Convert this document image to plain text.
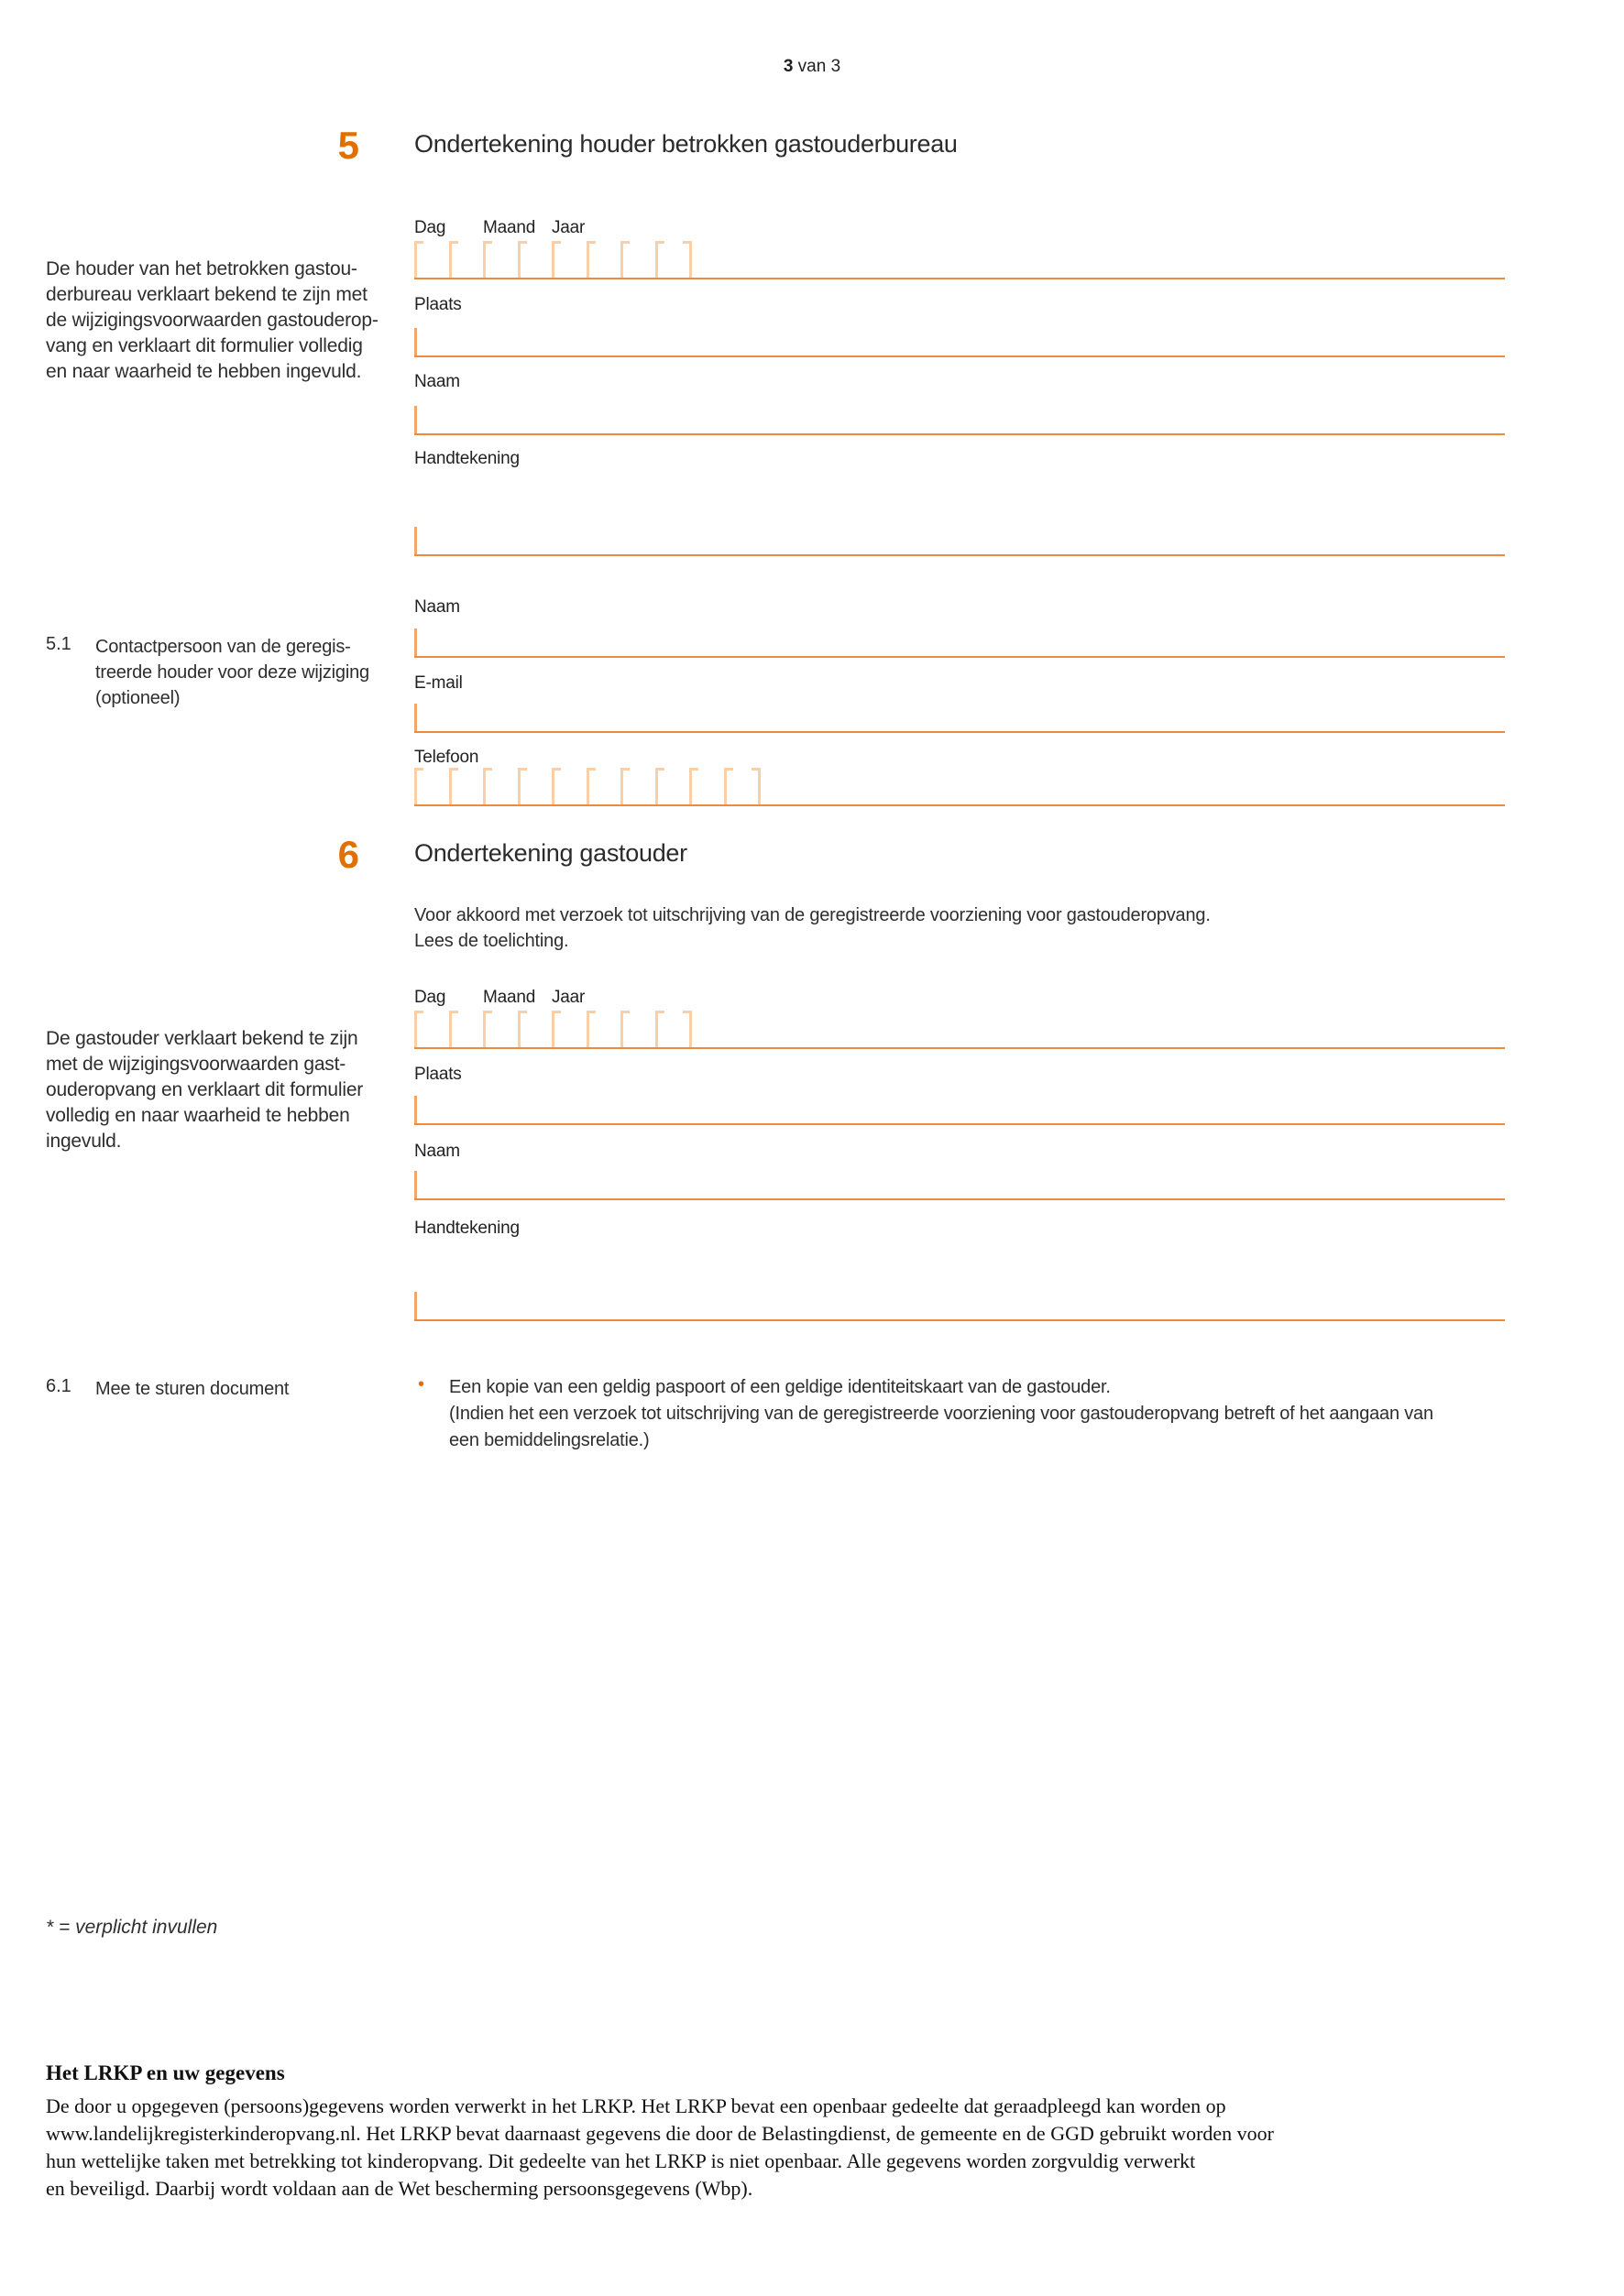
3 van 3
5 Ondertekening houder betrokken gastouderbureau
De houder van het betrokken gastou-
derbureau verklaart bekend te zijn met
de wijzigingsvoorwaarden gastouderop-
vang en verklaart dit formulier volledig
en naar waarheid te hebben ingevuld.
Dag Maand Jaar
Plaats
Naam
Handtekening
5.1 Contactpersoon van de geregis-
treerde houder voor deze wijziging
(optioneel)
Naam
E-mail
Telefoon
6 Ondertekening gastouder
Voor akkoord met verzoek tot uitschrijving van de geregistreerde voorziening voor gastouderopvang.
Lees de toelichting.
De gastouder verklaart bekend te zijn
met de wijzigingsvoorwaarden gast-
ouderopvang en verklaart dit formulier
volledig en naar waarheid te hebben
ingevuld.
Dag Maand Jaar
Plaats
Naam
Handtekening
6.1 Mee te sturen document	• Een kopie van een geldig paspoort of een geldige identiteitskaart van de gastouder.
(Indien het een verzoek tot uitschrijving van de geregistreerde voorziening voor gastouderopvang betreft of het aangaan van
een bemiddelingsrelatie.)
* = verplicht invullen
Het LRKP en uw gegevens
De door u opgegeven (persoons)gegevens worden verwerkt in het LRKP. Het LRKP bevat een openbaar gedeelte dat geraadpleegd kan worden op
www.landelijkregisterkinderopvang.nl. Het LRKP bevat daarnaast gegevens die door de Belastingdienst, de gemeente en de GGD gebruikt worden voor
hun wettelijke taken met betrekking tot kinderopvang. Dit gedeelte van het LRKP is niet openbaar. Alle gegevens worden zorgvuldig verwerkt
en beveiligd. Daarbij wordt voldaan aan de Wet bescherming persoonsgegevens (Wbp).
